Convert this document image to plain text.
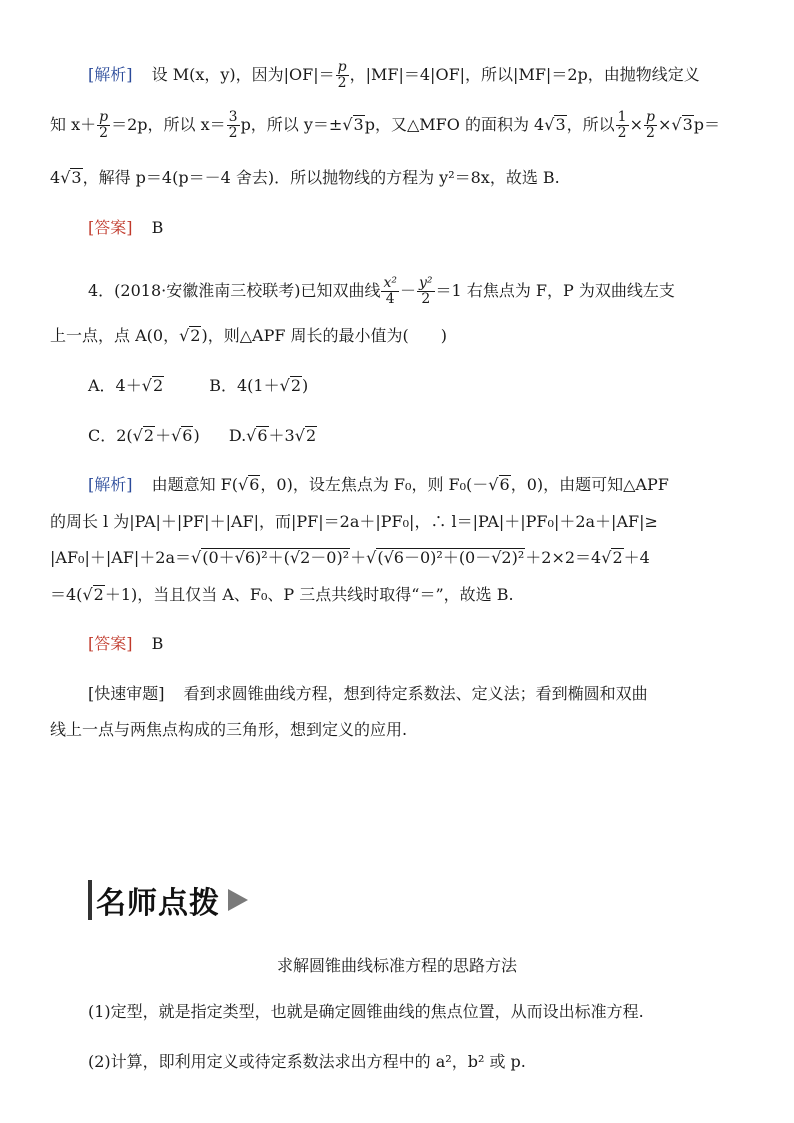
[解析] 设 M(x，y)，因为$|OF|= \frac{p}{2}$ ，|MF|＝4|OF|，所以|MF|＝2p，由抛物线定义
知 $x+ \frac{p}{2} =2p$，所以 $x= \frac{3}{2}$ p，所以 y＝±√3p，又△MFO 的面积为 4√3，所以 $\frac{1}{2} \times \frac{p}{2} \times√3p=$
4√3，解得 p＝4(p＝－4 舍去)．所以抛物线的方程为 y²＝8x，故选 B.
[答案] B
4．(2018·安徽淮南三校联考)已知双曲线 $\frac{\text{x²}}{4} - \frac{\text{y²}}{2} =1$ 右焦点为 F，P 为双曲线左支
上一点，点 A(0，√2)，则△APF 周长的最小值为(　　)
A．4＋√2	B．4(1＋√2)
C．2(√2＋√6) D.√6＋3√2
[解析] 由题意知 F(√6，0)，设左焦点为 F₀，则 F₀(－√6，0)，由题可知△APF
的周长 l 为|PA|＋|PF|＋|AF|，而|PF|＝2a＋|PF₀|，∴ l＝|PA|＋|PF₀|＋2a＋|AF|≥
|AF₀|＋|AF|＋2a＝√(0＋√6)²＋(√2－0)²＋√(√6－0)²＋(0－√2)²＋2×2＝4√2＋4
＝4(√2＋1)，当且仅当 A、F₀、P 三点共线时取得“＝”，故选 B.
[答案] B
[快速审题] 看到求圆锥曲线方程，想到待定系数法、定义法；看到椭圆和双曲
线上一点与两焦点构成的三角形，想到定义的应用.
名师点拨
求解圆锥曲线标准方程的思路方法
(1)定型，就是指定类型，也就是确定圆锥曲线的焦点位置，从而设出标准方程.
(2)计算，即利用定义或待定系数法求出方程中的 a²，b² 或 p.
